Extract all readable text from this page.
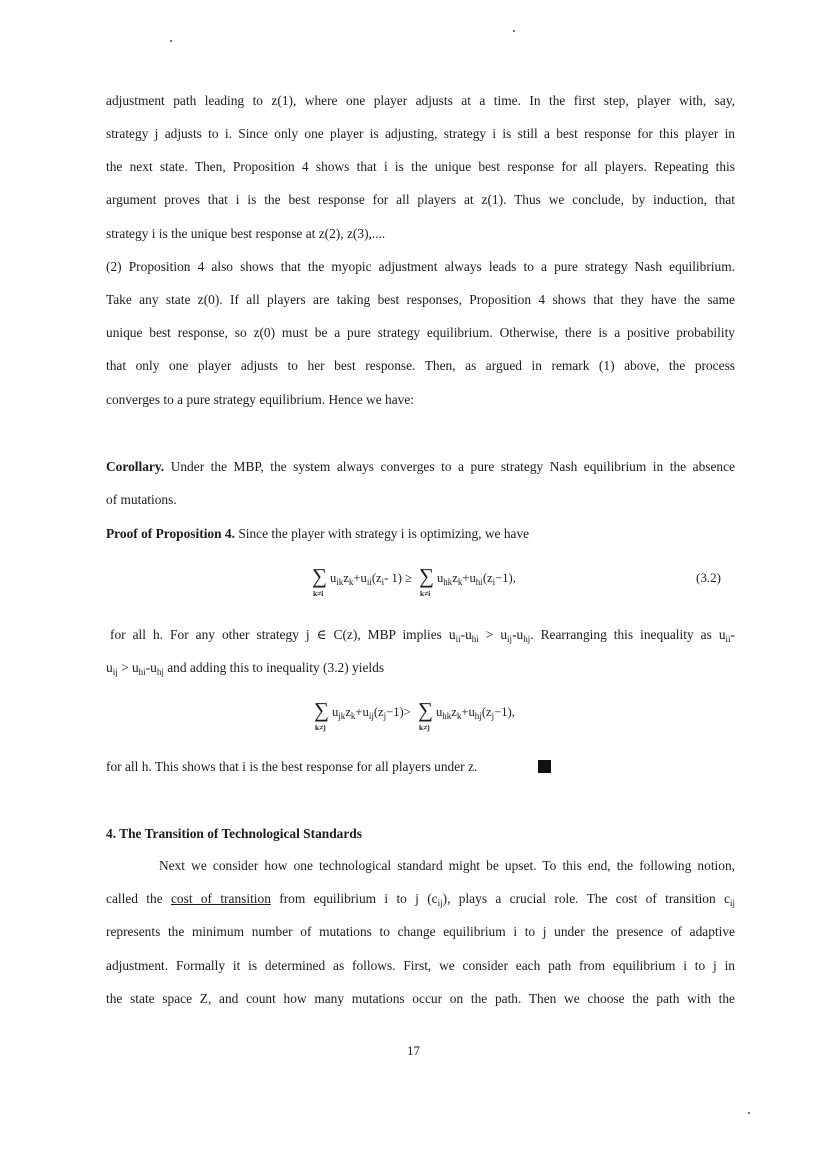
adjustment path leading to z(1), where one player adjusts at a time. In the first step, player with, say,
strategy j adjusts to i. Since only one player is adjusting, strategy i is still a best response for this player in
the next state. Then, Proposition 4 shows that i is the unique best response for all players. Repeating this
argument proves that i is the best response for all players at z(1). Thus we conclude, by induction, that
strategy i is the unique best response at z(2), z(3),....
(2) Proposition 4 also shows that the myopic adjustment always leads to a pure strategy Nash equilibrium.
Take any state z(0). If all players are taking best responses, Proposition 4 shows that they have the same
unique best response, so z(0) must be a pure strategy equilibrium. Otherwise, there is a positive probability
that only one player adjusts to her best response. Then, as argued in remark (1) above, the process
converges to a pure strategy equilibrium. Hence we have:
Corollary. Under the MBP, the system always converges to a pure strategy Nash equilibrium in the absence
of mutations.
Proof of Proposition 4. Since the player with strategy i is optimizing, we have
∑
k≠i
$u_{ik}z_k+u_{ii}(z_i-$ 1) ≥ ∑
k≠i
$u_{hk}z_k+u_{hi}(z_i-1)$,	(3.2)
for all h. For any other strategy j ∈ C(z), MBP implies $u_{ii}-u_{hi} > u_{ij}-u_{hj}$. Rearranging this inequality as $u_{ii}-$
$u_{ij} > u_{hi}-u_{hj}$ and adding this to inequality (3.2) yields
∑
k≠j
$u_{jk}z_k+u_{ij}(z_j-1)>$ ∑
k≠j
$u_{hk}z_k+u_{hj}(z_j-1)$,
for all h. This shows that i is the best response for all players under z.
4. The Transition of Technological Standards
Next we consider how one technological standard might be upset. To this end, the following notion,
called the cost of transition from equilibrium i to j $(c_{ij})$, plays a crucial role. The cost of transition $c_{ij}$
represents the minimum number of mutations to change equilibrium i to j under the presence of adaptive
adjustment. Formally it is determined as follows. First, we consider each path from equilibrium i to j in
the state space Z, and count how many mutations occur on the path. Then we choose the path with the
17
